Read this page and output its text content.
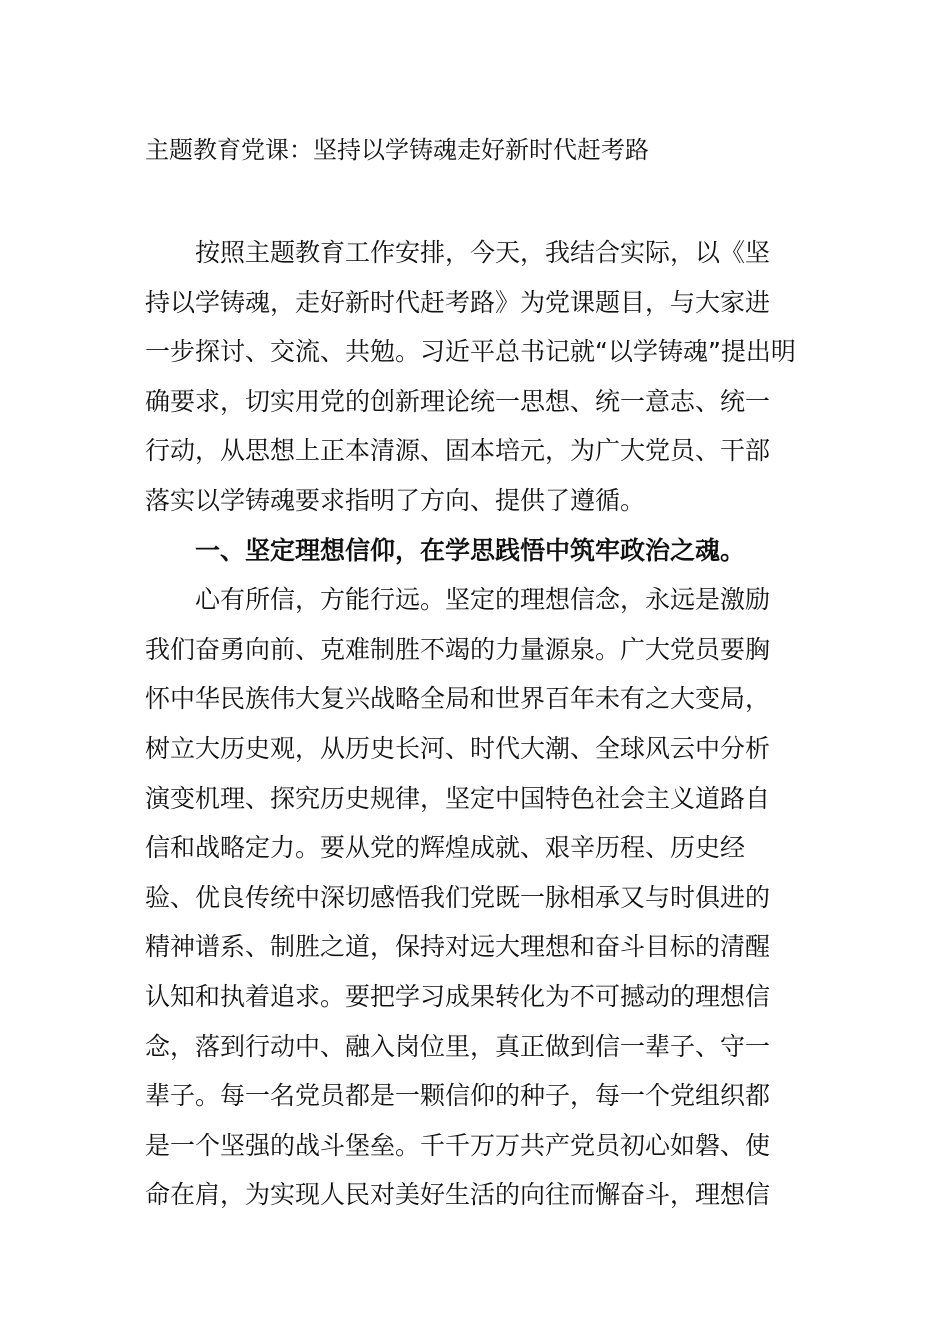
主题教育党课：坚持以学铸魂走好新时代赶考路
按照主题教育工作安排，今天，我结合实际，以《坚
持以学铸魂，走好新时代赶考路》为党课题目，与大家进
一步探讨、交流、共勉。习近平总书记就“以学铸魂”提出明
确要求，切实用党的创新理论统一思想、统一意志、统一
行动，从思想上正本清源、固本培元，为广大党员、干部
落实以学铸魂要求指明了方向、提供了遵循。
一、坚定理想信仰，在学思践悟中筑牢政治之魂。
心有所信，方能行远。坚定的理想信念，永远是激励
我们奋勇向前、克难制胜不竭的力量源泉。广大党员要胸
怀中华民族伟大复兴战略全局和世界百年未有之大变局，
树立大历史观，从历史长河、时代大潮、全球风云中分析
演变机理、探究历史规律，坚定中国特色社会主义道路自
信和战略定力。要从党的辉煌成就、艰辛历程、历史经
验、优良传统中深切感悟我们党既一脉相承又与时俱进的
精神谱系、制胜之道，保持对远大理想和奋斗目标的清醒
认知和执着追求。要把学习成果转化为不可撼动的理想信
念，落到行动中、融入岗位里，真正做到信一辈子、守一
辈子。每一名党员都是一颗信仰的种子，每一个党组织都
是一个坚强的战斗堡垒。千千万万共产党员初心如磐、使
命在肩，为实现人民对美好生活的向往而懈奋斗，理想信
